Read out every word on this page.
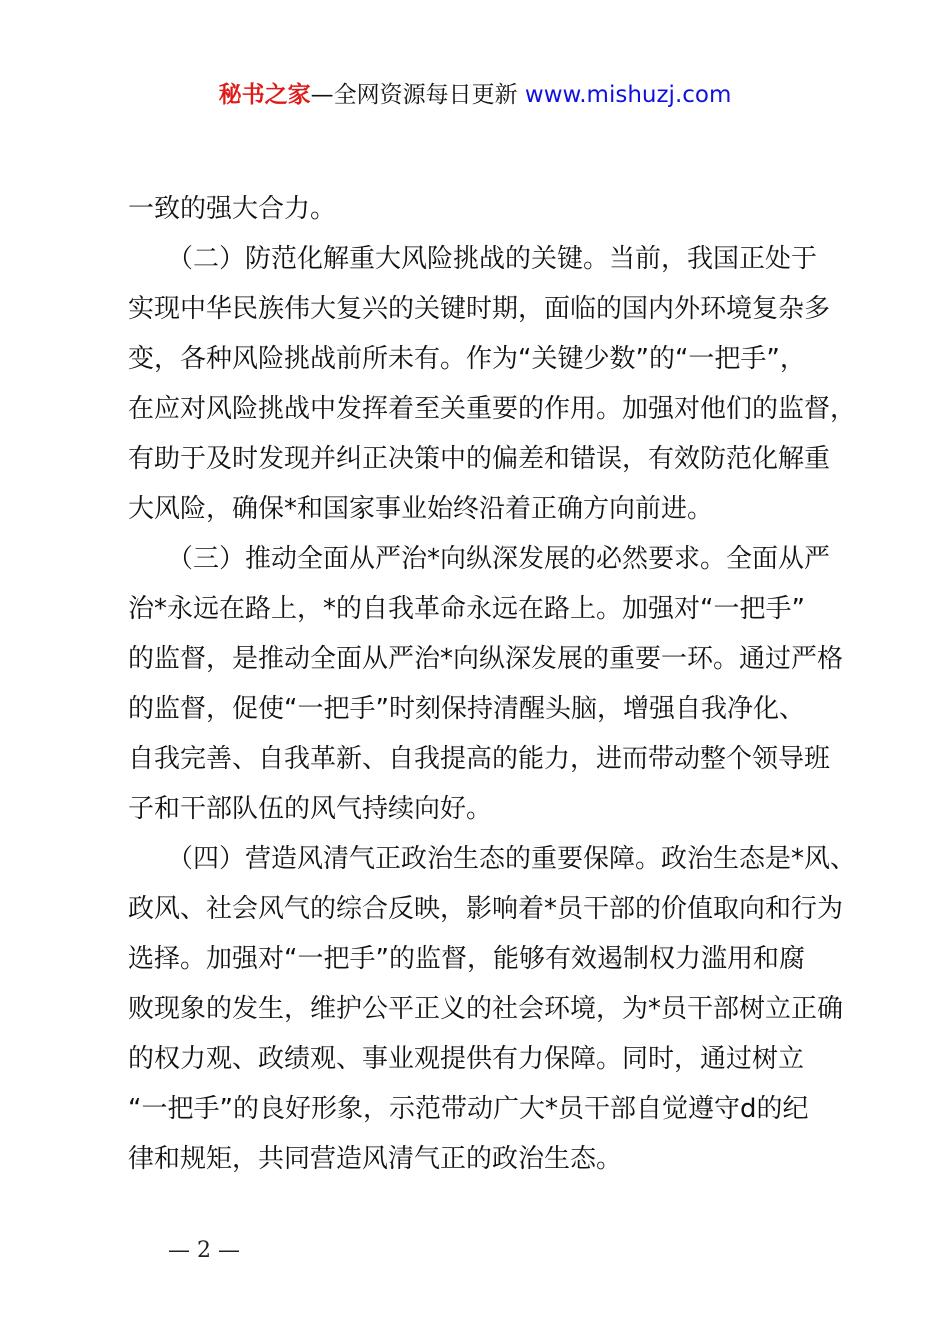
秘书之家—全网资源每日更新 www.mishuzj.com
一致的强大合力。
　　（二）防范化解重大风险挑战的关键。当前，我国正处于
实现中华民族伟大复兴的关键时期，面临的国内外环境复杂多
变，各种风险挑战前所未有。作为“关键少数”的“一把手”，
在应对风险挑战中发挥着至关重要的作用。加强对他们的监督，
有助于及时发现并纠正决策中的偏差和错误，有效防范化解重
大风险，确保*和国家事业始终沿着正确方向前进。
　　（三）推动全面从严治*向纵深发展的必然要求。全面从严
治*永远在路上，*的自我革命永远在路上。加强对“一把手”
的监督，是推动全面从严治*向纵深发展的重要一环。通过严格
的监督，促使“一把手”时刻保持清醒头脑，增强自我净化、
自我完善、自我革新、自我提高的能力，进而带动整个领导班
子和干部队伍的风气持续向好。
　　（四）营造风清气正政治生态的重要保障。政治生态是*风、
政风、社会风气的综合反映，影响着*员干部的价值取向和行为
选择。加强对“一把手”的监督，能够有效遏制权力滥用和腐
败现象的发生，维护公平正义的社会环境，为*员干部树立正确
的权力观、政绩观、事业观提供有力保障。同时，通过树立
“一把手”的良好形象，示范带动广大*员干部自觉遵守d的纪
律和规矩，共同营造风清气正的政治生态。
— 2 —
